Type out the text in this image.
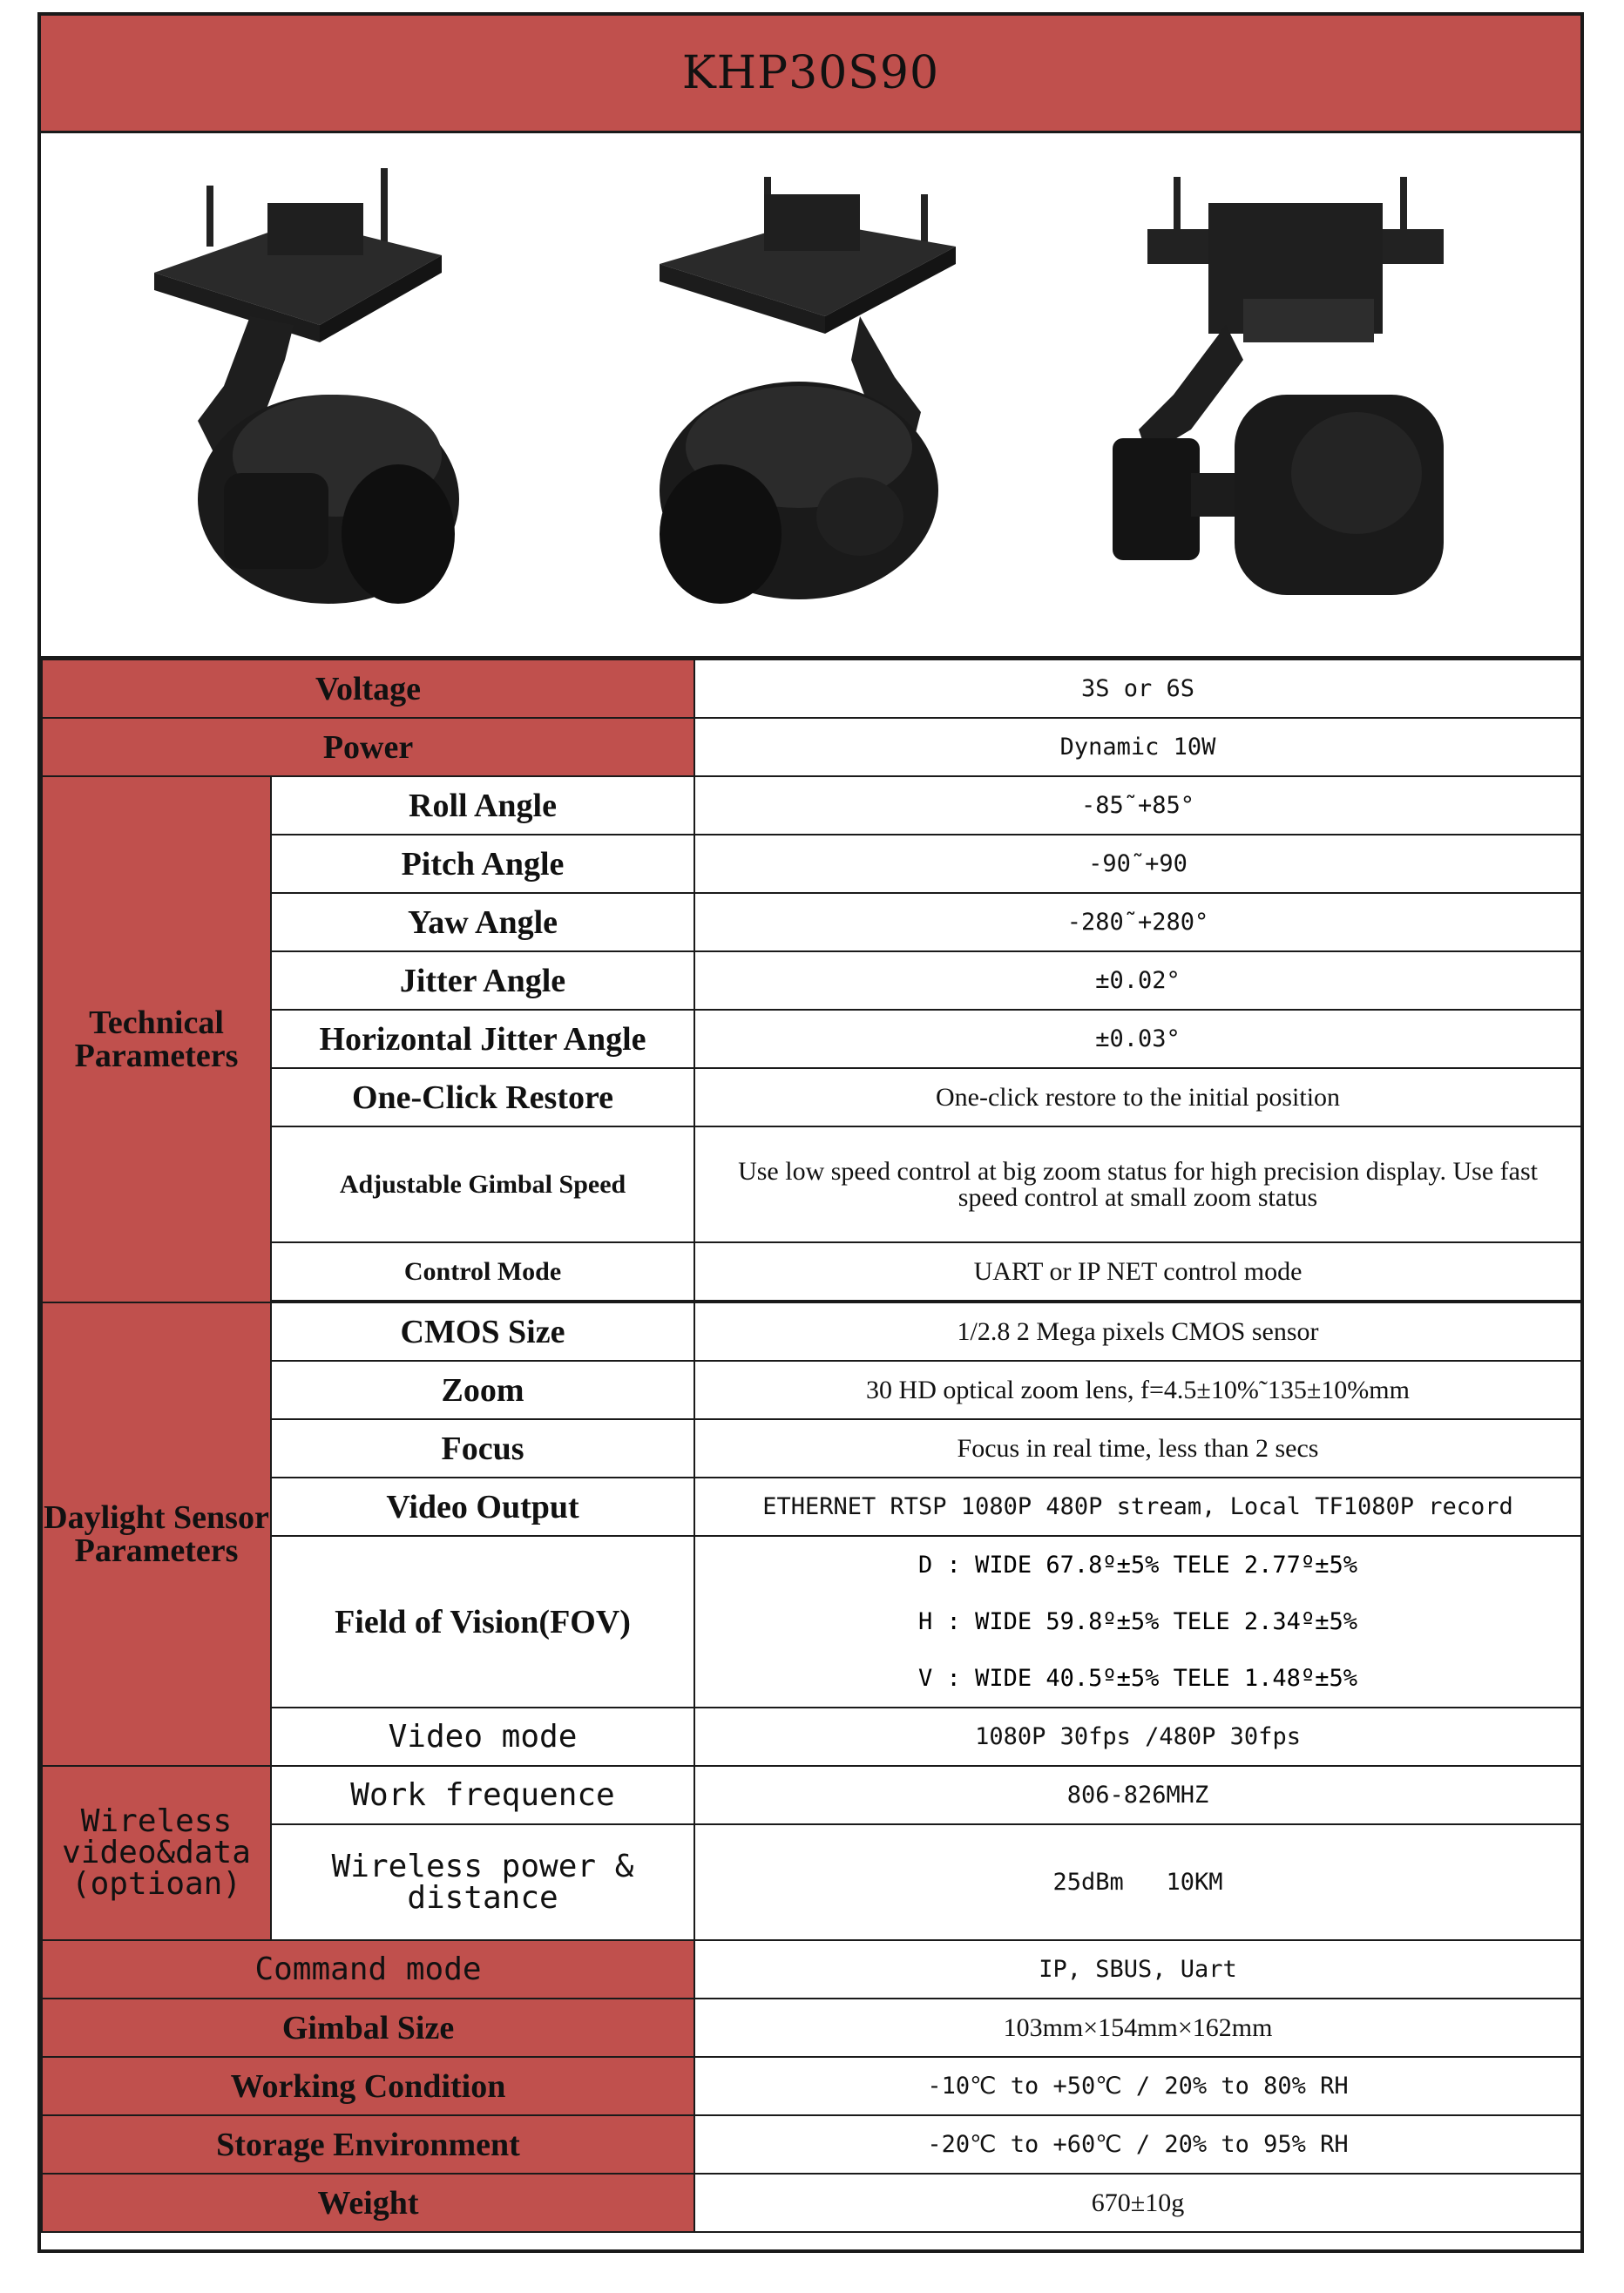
KHP30S90
Voltage		3S or 6S
Power		Dynamic 10W
Technical Parameters	Roll Angle	-85˜+85°
	Pitch Angle	-90˜+90
	Yaw Angle	-280˜+280°
	Jitter Angle	±0.02°
	Horizontal Jitter Angle	±0.03°
	One-Click Restore	One-click restore to the initial position
	Adjustable Gimbal Speed	Use low speed control at big zoom status for high precision display. Use fast speed control at small zoom status
	Control Mode	UART or IP NET control mode

Daylight Sensor Parameters	CMOS Size	1/2.8 2 Mega pixels CMOS sensor
	Zoom	30 HD optical zoom lens, f=4.5±10%˜135±10%mm
	Focus	Focus in real time, less than 2 secs
	Video Output	ETHERNET RTSP 1080P 480P stream, Local TF1080P record
	Field of Vision(FOV)	D : WIDE 67.8º±5% TELE 2.77º±5%
H : WIDE 59.8º±5% TELE 2.34º±5%
V : WIDE 40.5º±5% TELE 1.48º±5%

	Video mode	1080P 30fps /480P 30fps
Wireless video&data (optioan)	Work frequence	806-826MHZ
	Wireless power & distance	25dBm   10KM
Command mode		IP, SBUS, Uart
Gimbal Size		103mm×154mm×162mm
Working Condition		-10℃ to +50℃ / 20% to 80% RH
Storage Environment		-20℃ to +60℃ / 20% to 95% RH
Weight		670±10g
